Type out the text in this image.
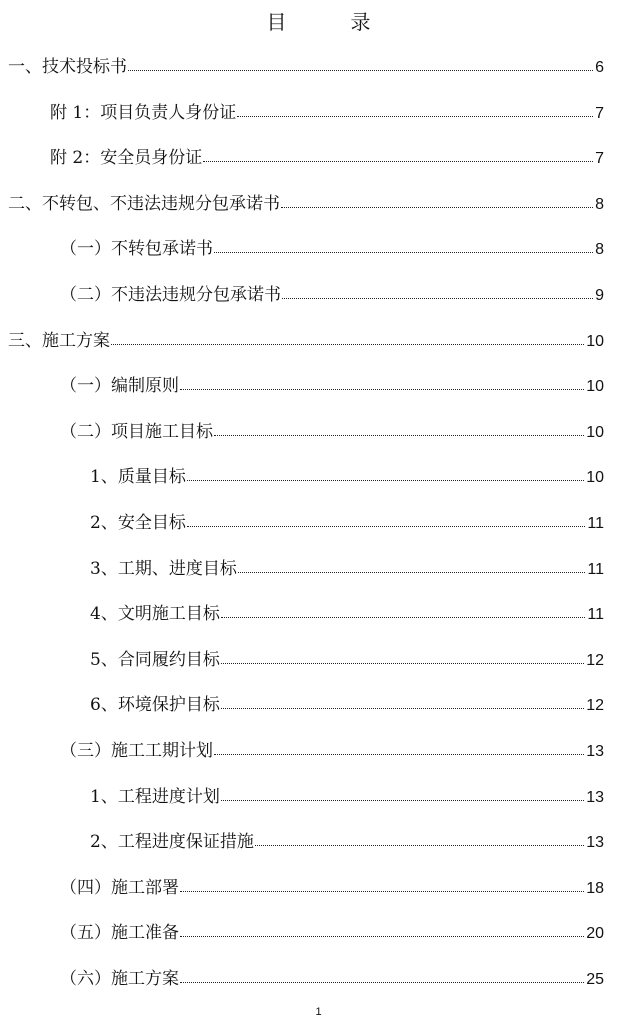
目　录
一、技术投标书	6
附 1：项目负责人身份证	7
附 2：安全员身份证	7
二、不转包、不违法违规分包承诺书	8
（一）不转包承诺书	8
（二）不违法违规分包承诺书	9
三、施工方案	10
（一）编制原则	10
（二）项目施工目标	10
1、质量目标	10
2、安全目标	11
3、工期、进度目标	11
4、文明施工目标	11
5、合同履约目标	12
6、环境保护目标	12
（三）施工工期计划	13
1、工程进度计划	13
2、工程进度保证措施	13
（四）施工部署	18
（五）施工准备	20
（六）施工方案	25
1
